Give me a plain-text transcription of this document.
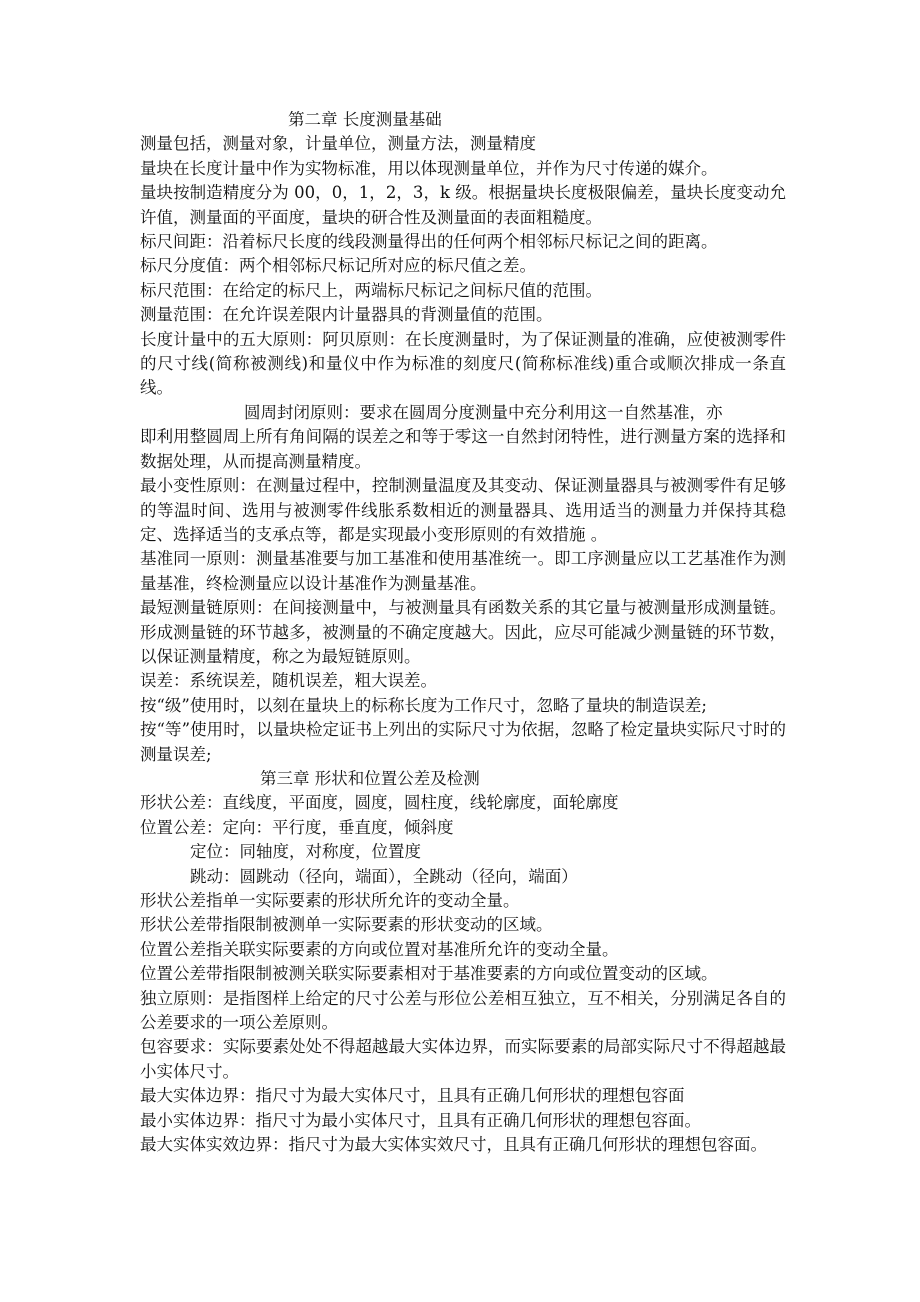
第二章 长度测量基础

测量包括，测量对象，计量单位，测量方法，测量精度

量块在长度计量中作为实物标准，用以体现测量单位，并作为尺寸传递的媒介。

量块按制造精度分为 00，0，1，2，3，k 级。根据量块长度极限偏差，量块长度变动允许值，测量面的平面度，量块的研合性及测量面的表面粗糙度。

标尺间距：沿着标尺长度的线段测量得出的任何两个相邻标尺标记之间的距离。

标尺分度值：两个相邻标尺标记所对应的标尺值之差。

标尺范围：在给定的标尺上，两端标尺标记之间标尺值的范围。

测量范围：在允许误差限内计量器具的背测量值的范围。

长度计量中的五大原则：阿贝原则：在长度测量时，为了保证测量的准确，应使被测零件的尺寸线(简称被测线)和量仪中作为标准的刻度尺(简称标准线)重合或顺次排成一条直线。

圆周封闭原则：要求在圆周分度测量中充分利用这一自然基准，亦

即利用整圆周上所有角间隔的误差之和等于零这一自然封闭特性，进行测量方案的选择和数据处理，从而提高测量精度。

最小变性原则：在测量过程中，控制测量温度及其变动、保证测量器具与被测零件有足够的等温时间、选用与被测零件线胀系数相近的测量器具、选用适当的测量力并保持其稳定、选择适当的支承点等，都是实现最小变形原则的有效措施 。

基准同一原则：测量基准要与加工基准和使用基准统一。即工序测量应以工艺基准作为测量基准，终检测量应以设计基准作为测量基准。

最短测量链原则：在间接测量中，与被测量具有函数关系的其它量与被测量形成测量链。形成测量链的环节越多，被测量的不确定度越大。因此，应尽可能减少测量链的环节数，以保证测量精度，称之为最短链原则。

误差：系统误差，随机误差，粗大误差。

按“级”使用时，以刻在量块上的标称长度为工作尺寸，忽略了量块的制造误差;

按“等”使用时，以量块检定证书上列出的实际尺寸为依据，忽略了检定量块实际尺寸时的测量误差;

第三章 形状和位置公差及检测

形状公差：直线度，平面度，圆度，圆柱度，线轮廓度，面轮廓度

位置公差：定向：平行度，垂直度，倾斜度

定位：同轴度，对称度，位置度

跳动：圆跳动（径向，端面），全跳动（径向，端面）

形状公差指单一实际要素的形状所允许的变动全量。

形状公差带指限制被测单一实际要素的形状变动的区域。

位置公差指关联实际要素的方向或位置对基准所允许的变动全量。

位置公差带指限制被测关联实际要素相对于基准要素的方向或位置变动的区域。

独立原则：是指图样上给定的尺寸公差与形位公差相互独立，互不相关，分别满足各自的公差要求的一项公差原则。

包容要求：实际要素处处不得超越最大实体边界，而实际要素的局部实际尺寸不得超越最小实体尺寸。

最大实体边界：指尺寸为最大实体尺寸，且具有正确几何形状的理想包容面

最小实体边界：指尺寸为最小实体尺寸，且具有正确几何形状的理想包容面。

最大实体实效边界：指尺寸为最大实体实效尺寸，且具有正确几何形状的理想包容面。
